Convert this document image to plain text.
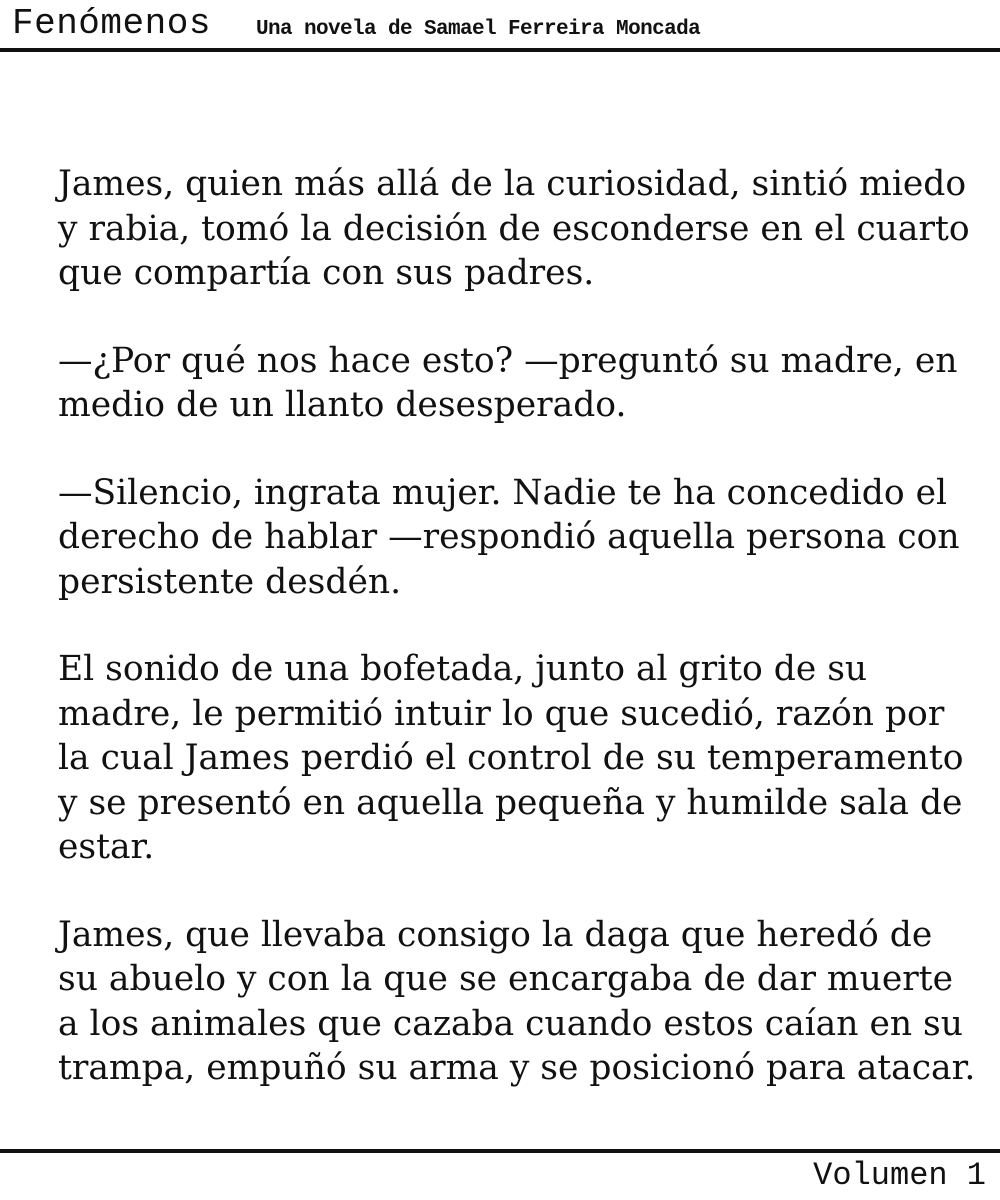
Fenómenos Una novela de Samael Ferreira Moncada

James, quien más allá de la curiosidad, sintió miedo y rabia, tomó la decisión de esconderse en el cuarto que compartía con sus padres.

—¿Por qué nos hace esto? —preguntó su madre, en medio de un llanto desesperado.

—Silencio, ingrata mujer. Nadie te ha concedido el derecho de hablar —respondió aquella persona con persistente desdén.

El sonido de una bofetada, junto al grito de su madre, le permitió intuir lo que sucedió, razón por la cual James perdió el control de su temperamento y se presentó en aquella pequeña y humilde sala de estar.

James, que llevaba consigo la daga que heredó de su abuelo y con la que se encargaba de dar muerte a los animales que cazaba cuando estos caían en su trampa, empuñó su arma y se posicionó para atacar.

Volumen 1
